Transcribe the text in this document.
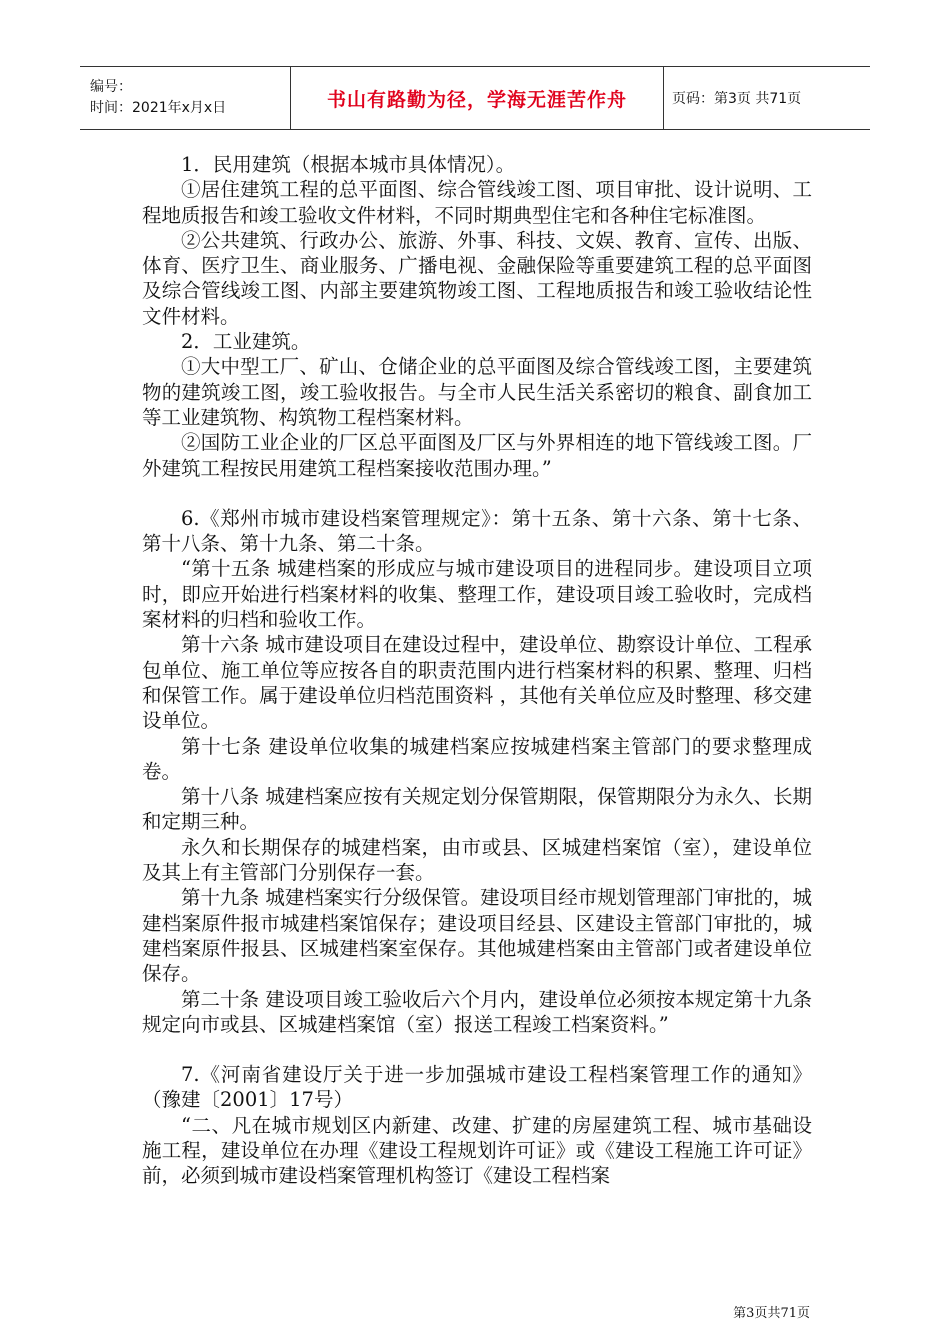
编号：
时间：2021年x月x日	书山有路勤为径，学海无涯苦作舟	页码：第3页 共71页

1．民用建筑（根据本城市具体情况）。

①居住建筑工程的总平面图、综合管线竣工图、项目审批、设计说明、工程地质报告和竣工验收文件材料，不同时期典型住宅和各种住宅标准图。

②公共建筑、行政办公、旅游、外事、科技、文娱、教育、宣传、出版、体育、医疗卫生、商业服务、广播电视、金融保险等重要建筑工程的总平面图及综合管线竣工图、内部主要建筑物竣工图、工程地质报告和竣工验收结论性文件材料。

2．工业建筑。

①大中型工厂、矿山、仓储企业的总平面图及综合管线竣工图，主要建筑物的建筑竣工图，竣工验收报告。与全市人民生活关系密切的粮食、副食加工等工业建筑物、构筑物工程档案材料。

②国防工业企业的厂区总平面图及厂区与外界相连的地下管线竣工图。厂外建筑工程按民用建筑工程档案接收范围办理。”

6.《郑州市城市建设档案管理规定》：第十五条、第十六条、第十七条、第十八条、第十九条、第二十条。

“第十五条 城建档案的形成应与城市建设项目的进程同步。建设项目立项时，即应开始进行档案材料的收集、整理工作，建设项目竣工验收时，完成档案材料的归档和验收工作。

第十六条 城市建设项目在建设过程中，建设单位、勘察设计单位、工程承包单位、施工单位等应按各自的职责范围内进行档案材料的积累、整理、归档和保管工作。属于建设单位归档范围资料 ，其他有关单位应及时整理、移交建设单位。

第十七条 建设单位收集的城建档案应按城建档案主管部门的要求整理成卷。

第十八条 城建档案应按有关规定划分保管期限，保管期限分为永久、长期和定期三种。

永久和长期保存的城建档案，由市或县、区城建档案馆（室），建设单位及其上有主管部门分别保存一套。

第十九条 城建档案实行分级保管。建设项目经市规划管理部门审批的，城建档案原件报市城建档案馆保存；建设项目经县、区建设主管部门审批的，城建档案原件报县、区城建档案室保存。其他城建档案由主管部门或者建设单位保存。

第二十条 建设项目竣工验收后六个月内，建设单位必须按本规定第十九条规定向市或县、区城建档案馆（室）报送工程竣工档案资料。”

7.《河南省建设厅关于进一步加强城市建设工程档案管理工作的通知》（豫建〔2001〕17号）

“二、凡在城市规划区内新建、改建、扩建的房屋建筑工程、城市基础设施工程，建设单位在办理《建设工程规划许可证》或《建设工程施工许可证》前，必须到城市建设档案管理机构签订《建设工程档案

第3页共71页
